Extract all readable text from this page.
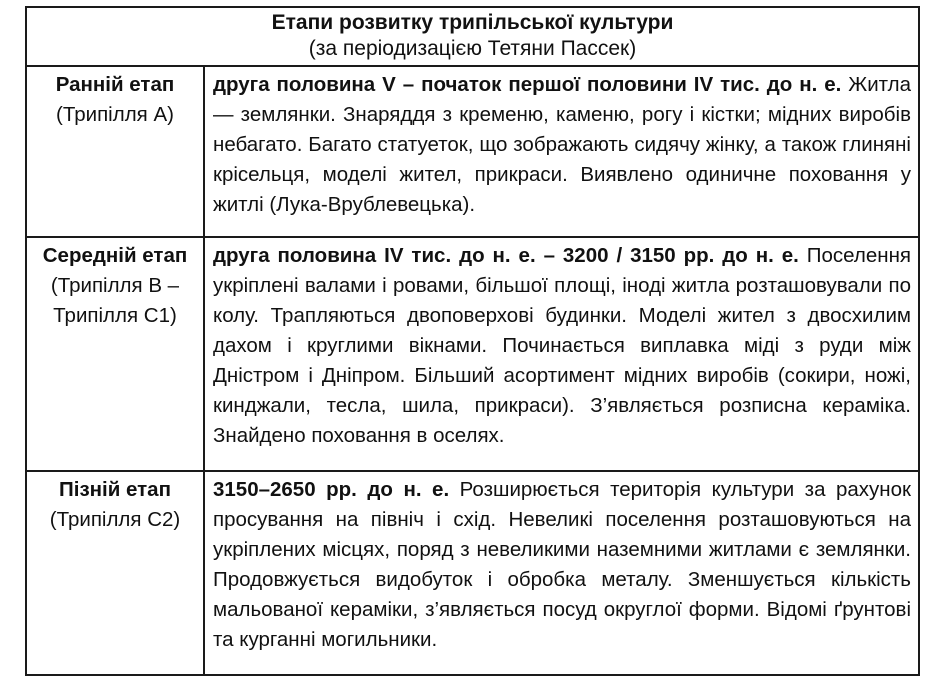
Етапи розвитку трипільської культури
(за періодизацією Тетяни Пассек)	

Ранній етап
(Трипілля А)	друга половина V – початок першої половини IV тис. до н. е. Житла — землянки. Знаряддя з кременю, каменю, рогу і кістки; мідних виробів небагато. Багато статуеток, що зображають сидячу жінку, а також глиняні крісельця, моделі жител, прикраси. Виявлено одиничне поховання у житлі (Лука-Врублевецька).

Середній етап
(Трипілля В – Трипілля С1)	друга половина IV тис. до н. е. – 3200 / 3150 рр. до н. е. Поселення укріплені валами і ровами, більшої площі, іноді житла розташовували по колу. Трапляються двоповерхові будинки. Моделі жител з двосхилим дахом і круглими вікнами. Починається виплавка міді з руди між Дністром і Дніпром. Більший асортимент мідних виробів (сокири, ножі, кинджали, тесла, шила, прикраси). З’являється розписна кераміка. Знайдено поховання в оселях.

Пізній етап
(Трипілля С2)	3150–2650 рр. до н. е. Розширюється територія культури за рахунок просування на північ і схід. Невеликі поселення розташовуються на укріплених місцях, поряд з невеликими наземними житлами є землянки. Продовжується видобуток і обробка металу. Зменшується кількість мальованої кераміки, з’являється посуд округлої форми. Відомі ґрунтові та курганні могильники.
